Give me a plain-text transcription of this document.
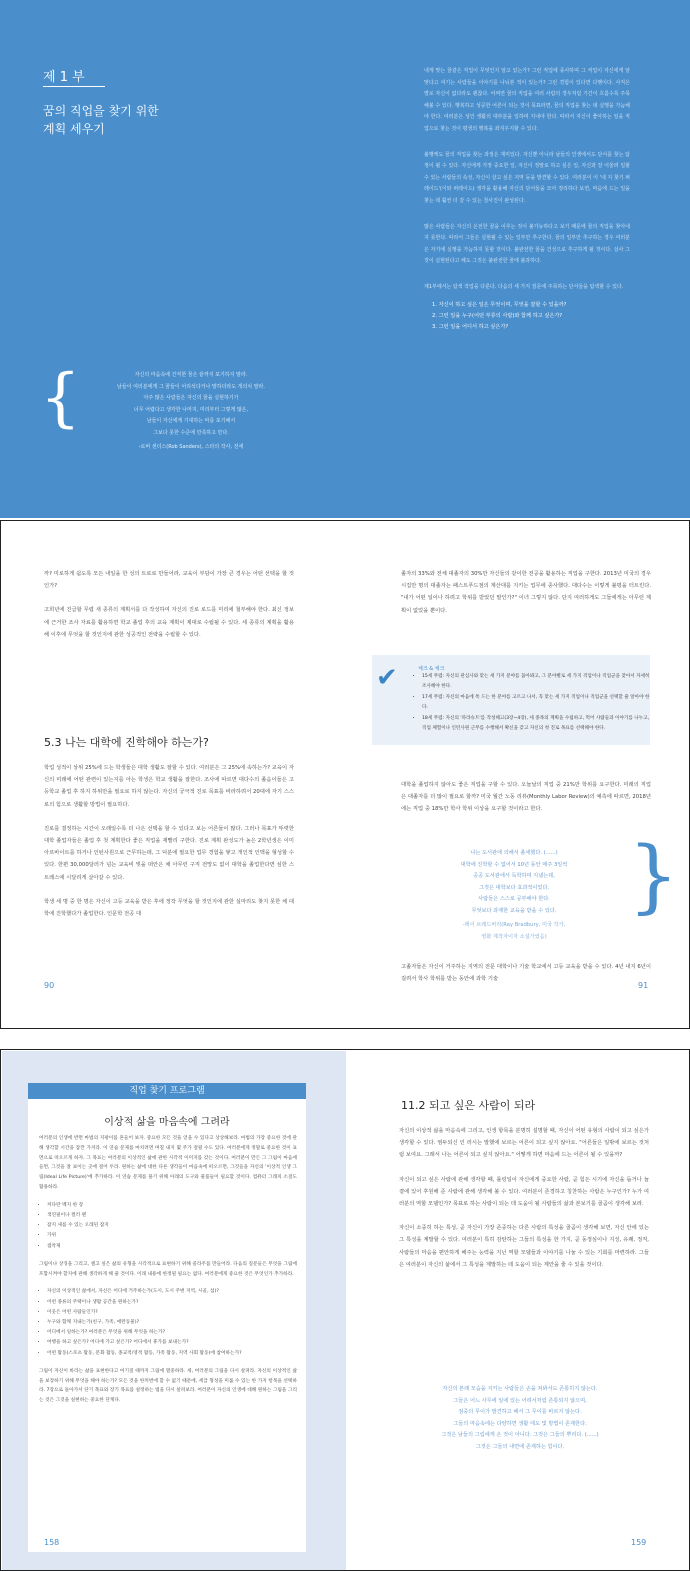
제 1 부
꿈의 직업을 찾기 위한
계획 세우기
{	자신의 마음속에 간직한 꿈은 끝까지 포기하지 말라.
남들이 여러분에게 그 꿈들이 어리석다거나 말하더라도 개의치 말라.
아주 많은 사람들은 자신의 꿈을 실현하기가
너무 어렵다고 생각한 나머지, 미리부터 그렇게 많은,
남들이 자신에게 기대하는 바를 포기해서
그보다 못한 수준에 만족하고 만다.
-로버 샌더스(Rob Sanders), 스타의 작사, 전세

내게 맞는 꿈같은 직업이 무엇인지 알고 있는가? 그런 직업에 종사하며 그 직업이 자신에게 알맞다고 여기는 사람들을 이야기를 나눠본 적이 있는가? 그런 경험이 있다면 다행이다. 사직은 별로 자신이 없다라도 괜찮다. 어쩌면 꿈의 직업을 여러 사람의 경우처럼 기간이 흐름수록 주목해볼 수 있다. 행복하고 성공한 어른이 되는 것이 목표라면, 꿈의 직업을 찾는 데 실행을 가늠해야 한다. 여러분은 성인 생활의 대부분을 일하며 지내야 한다. 따라서 자신이 좋아하는 일을 직업으로 찾는 것이 평생의 행복을 좌지우지할 수 있다.

불행케도 꿈의 직업을 찾는 과정은 재미있다. 자신뿐 아니라 남들의 인생에서도 단서를 찾는 탐정이 될 수 있다. 자신에게 가장 중요한 일, 자신이 정말로 하고 싶은 일, 자신과 잘 어울려 일할 수 있는 사람들의 속성, 자신이 살고 싶은 지역 등을 발견할 수 있다. 여러분이 이 '내 지 찾기 퍼레이드'(이와 퍼레이드) 생각을 활용해 자신의 단서들을 모아 정리하다 보면, 마음에 드는 일을 찾는 데 훨씬 더 갈 수 있는 청사진이 완성된다.

많은 사람들은 자신의 온전한 꿈을 이루는 것이 불가능하다고 보기 때문에 꿈의 직업을 찾아내지 못한다. 따라서 그들은 실현될 수 있는 일부만 추구한다. 꿈의 일부만 추구하는 경우 여러분은 자기에 실행을 가늠하지 못할 것이다. 불완전한 꿈을 건성으로 추구하게 될 것이다. 실사 그것이 실현된다고 해도 그것은 불완전한 꿈에 불과하다.

제1부에서는 탐색 작업을 다룬다. 다음의 세 가지 질문에 주목하는 단서들을 탐색할 수 있다.

1. 자신이 하고 싶은 일은 무엇이며, 무엇을 잘할 수 있을까?

2. 그런 일을 누구(어떤 부류의 사람)와 함께 하고 싶은가?

3. 그런 일을 어디서 하고 싶은가?

까? 미로하게 쉽도록 모든 내일을 한 성의 트로로 만들어라, 교육이 부담이 가장 큰 경우는 어떤 선택을 할 것인가?

고희년에 진급할 무렵 새 종류의 계획서를 다 작성하여 자신의 진로 로드를 미리에 철부해야 한다. 최신 정보에 근거한 조사 자료를 활용하면 학교 졸업 후의 교육 계획이 제대로 수립될 수 있다. 세 종류의 계획을 활용해 이후에 무엇을 할 것인지에 관한 성공적인 전략을 수립할 수 있다.

5.3 나는 대학에 진학해야 하는가?

학업 성적이 상위 25%에 드는 학생들은 대학 생활도 잘할 수 있다. 여러분은 그 25%에 속하는가? 교육이 자신의 미래에 어떤 관련이 있는지를 아는 학생은 학교 생활을 잘한다. 조사에 따르면 대다수의 졸음이들은 고등학교 졸업 후 하지 하위만을 필요로 하지 않는다. 자신의 궁극적 진로 목표를 바라하려서 20대에 자기 스스로의 힘으로 생활할 방법이 필요하다.

진로를 결정하는 시간이 오래일수록 더 나은 선택을 할 수 있다고 보는 어른들이 많다. 그러나 목표가 뚜렷한 대학 졸업자들은 졸업 후 첫 계획한다 좋은 직업을 재빨리 구한다. 진로 계획 완성도가 높은 2학년생은 이미 아르바이트를 하거나 인턴사원으로 근무하는데, 그 덕분에 필요한 업무 경험을 쌓고 개인적 인맥을 형성할 수 있다. 한편 30,000달러가 넘는 교육비 빚을 떠안은 채 아무런 구직 전망도 없이 대학을 졸업한다면 심한 스트레스에 시달리게 살아갈 수 있다.

학생 세 명 중 한 명은 자신이 고등 교육을 받은 후에 정작 무엇을 할 것인지에 관한 실마리도 찾지 못한 채 대학에 진학했다가 졸업한다. 인문학 전공 대

90

졸자의 33%와 전체 대졸자의 30%만 자신들의 같이한 전공을 활용하는 직업을 구한다. 2013년 미국의 경우 시집만 명의 대졸자는 패스트푸드점의 계산대를 지키는 업무에 종사했다. 대다수는 이렇게 불평을 터트린다. "내가 어떤 일이나 하려고 학위를 받았던 말인가?" 이녀 그렇지 않다. 단지 여러하게도 그들에게는 아무런 계획이 없었을 뿐이다.

대학을 졸업하지 않아도 좋은 직업을 구할 수 있다. 오늘날의 직업 중 21%만 학위를 요구한다. 미래의 직업은 대졸자를 더 많이 필요로 할까? 미국 월간 노동 리뷰(Monthly Labor Review)의 예측에 따르면, 2018년에는 직업 중 18%만 학사 학위 이상을 요구할 것이라고 한다.

고졸자들은 자신이 거주하는 지역의 전문 대학이나 기술 학교에서 고등 교육을 받을 수 있다. 4년 내지 6년이 걸려서 학사 학위를 받는 동안에 과학 기술

91
✔	체크 & 체크
• 15세 무렵: 자신의 관심사와 맞는 세 가지 분야를 꼽아봐고, 그 분야별로 세 가지 직업이나 직업군을 찾아서 자세히 조사해야 한다.
• 17세 무렵: 자신의 마음에 쏙 드는 한 분야를 고르고 나서, 꼭 맞는 세 가지 직업이나 직업군을 선택할 줄 알아야 한다.
• 18세 무렵: 자신의 '파라슈트'를 작성해고(3장~4장), 세 종목의 계획을 수립하고, 먹어 사람들과 이야기를 나누고, 직업 체험이나 인턴사원 근무를 수행해서 확신을 갖고 자신의 첫 진로 목표를 선택해야 한다.
나는 도서관에 의해서 졸세했다. (......)
대학에 진학할 수 없어서 10년 동안 매주 3일씩
공공 도서관에서 독학하며 지냈는데,
그것은 대학보다 효과적이었다.
사람들은 스스로 공부해야 한다.
무엇보다 과제한 교육을 받을 수 있다.
-레이 브래드버리(Ray Bradbury, 미국 작가,
영화 제작자이자 소설가였음)
}
직업 찾기 프로그램
이상적 삶을 마음속에 그려라

여러분의 인생에 반면 마법의 지팡이를 흔들어 보자. 중요한 모든 것을 얻을 수 있다고 상상해보라. 마법의 가장 중요한 것에 관해 생각할 시간을 잠깐 가져라. 이 연습 문제를 마치려면 며칠 내지 몇 주가 걸릴 수도 있다. 여러분에게 정말로 중요한 것이 표면으로 떠오르게 하자. 그 목표는 여러분의 이상적인 삶에 관한 시각적 이미지를 갖는 것이다. 여러분이 만든 그 그림이 마음에 들면, 그것을 잘 보이는 곳에 걸어 두라. 원하는 삶에 대한 다른 생각들이 마음속에 떠오르면, 그것들을 자신의 '이상적 인생 그림(Ideal Life Picture)'에 추가하라. 이 연습 문제를 풀기 위해 아래의 도구와 물품들이 필요할 것이다. 컴퓨터 그래픽 소질도 활용하라.

• 커다란 백지 한 장
• 색연필이나 컬러 펜
• 잡지 새를 수 있는 오래된 잡지
• 가위
• 접착제

그림이나 상징을 그리고, 셀고 싶은 삶의 유형을 시각적으로 표현하기 위해 콜라주를 만들어라. 다음의 질문들은 무엇을 그림에 포함시켜야 할지에 관해 생각하게 해 줄 것이다. 이래 내용에 한정될 필요는 없다. 여러분에게 중요한 것은 무엇인가 추가하라.

• 자신의 이상적인 삶에서, 자신은 어디에 거주하는가(도시, 도시 주변 지역, 시골, 섬)?
• 어떤 종류의 주택이나 생활 공간을 원하는가?
• 이웃은 어떤 사람들인가?
• 누구와 함께 지내는가(친구, 가족, 애완동물)?
• 어디에서 일하는가? 여러분은 무엇을 위해 무엇을 하는가?
• 여행을 하고 싶은가? 어디에 가고 싶은가? 어디에서 휴가를 보내는가?
• 어떤 활동(스포츠 활동, 문화 활동, 종교적/영적 활동, 가족 활동, 지역 사회 활동)에 참여하는가?

그림이 자신이 바라는 삶을 표현한다고 여기질 때까지 그림에 열중하라. 세, 여러분의 그림을 다시 살펴라. 자신의 이상적인 삶을 보장하기 위해 무엇을 해야 하는가? 모든 것을 한꺼번에 할 수 없기 때문에, 세급 형성을 미룰 수 있는 한 가지 항목을 선택하라. 7장으로 돌아가서 단기 목표와 장기 목표를 설정하는 법을 다시 살펴보라. 여러분이 자신의 인생에 대해 원하는 그림을 그리는 것은 그것을 실현하는 중요한 단계다.

158	159
11.2 되고 싶은 사람이 되라

자신의 이상적 삶을 마음속에 그리고, 인생 항목을 분명히 설명할 때, 자신이 어떤 유형의 사람이 되고 싶은가 생각할 수 있다. 염두되신 인 러시는 말했에 보르는 어른이 되고 싶지 않아요. "어른들은 일밖에 보르는 것처럼 보여요. 그래서 나는 어른이 되고 싶지 않아요." 어떻게 하면 마음에 드는 어른이 될 수 있을까?

자신이 되고 싶은 사람에 관해 생각할 때, 롤링일이 자신에게 중요한 사람, 곧 힘든 시기에 자신을 돕거나 늘 곁에 있어 후원해 준 사람에 관해 생각해 볼 수 있다. 여러분이 존경하고 칭찬하는 사람은 누구인가? 누가 여러분의 역할 모델인가? 목표로 하는 사람이 되는 데 도움이 될 사람들의 삶과 본보기를 골곰이 생각해 보라.

자신이 소중히 하는 특성, 곧 자신이 가장 존중하는 다른 사람의 특성을 골곰이 생각해 보면, 자신 안에 있는 그 특성을 계발할 수 있다. 여러분이 특히 감탄하는 그들의 특성을 한 가지, 곧 동정심이나 지성, 유쾌, 정직, 사람들의 마음을 편안하게 해주는 능력을 지닌 역할 모델들과 이야기를 나눌 수 있는 기회를 마련하라. 그들은 여러분이 자신의 삶에서 그 특성을 계발하는 데 도움이 되는 제안을 줄 수 있을 것이다.

자신의 본래 모습을 지키는 사람들은 손을 쳐봐서도 존통히지 않는다.
그들은 어느 사무에 일에 있는 어려서처럼 존통되지 않으며,
점중의 무이가 발견하고 해서 그 무이를 바르지 않는다.
그들의 마음속에는 다양하면 생활 태도 및 방법이 존재한다.
그것은 남들의 그림에게 온 것이 아니다. 그것은 그들의 뿌리다. (......)
그것은 그들의 내면에 존재하는 힘이다.
